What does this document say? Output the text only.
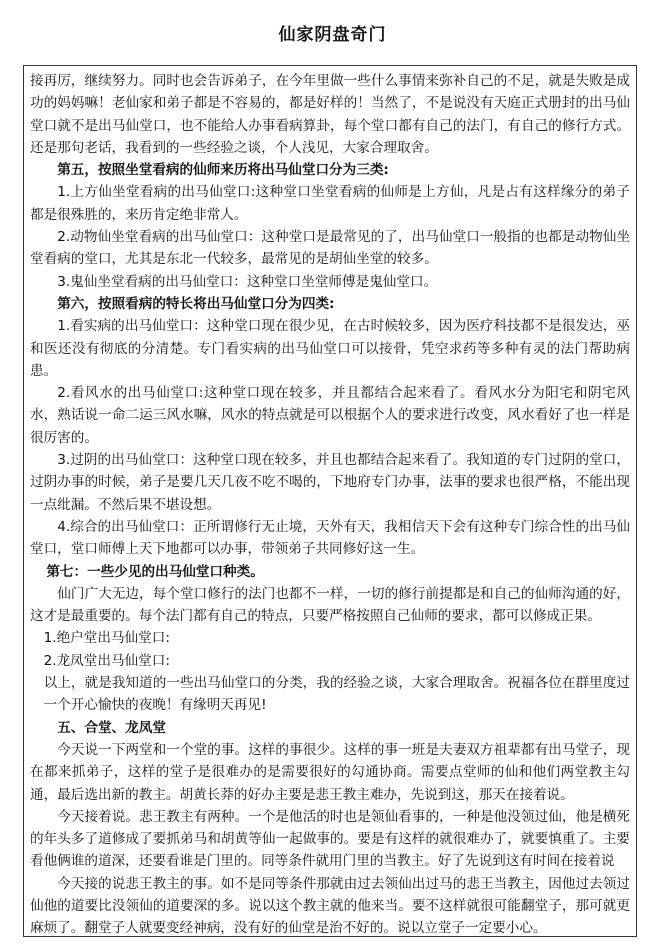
仙家阴盘奇门

接再厉，继续努力。同时也会告诉弟子，在今年里做一些什么事情来弥补自己的不足，就是失败是成功的妈妈嘛！老仙家和弟子都是不容易的，都是好样的！当然了，不是说没有天庭正式册封的出马仙堂口就不是出马仙堂口，也不能给人办事看病算卦，每个堂口都有自己的法门，有自己的修行方式。还是那句老话，我看到的一些经验之谈，个人浅见，大家合理取舍。

第五，按照坐堂看病的仙师来历将出马仙堂口分为三类:

1.上方仙坐堂看病的出马仙堂口:这种堂口坐堂看病的仙师是上方仙，凡是占有这样缘分的弟子都是很殊胜的，来历肯定绝非常人。

2.动物仙坐堂看病的出马仙堂口：这种堂口是最常见的了，出马仙堂口一般指的也都是动物仙坐堂看病的堂口，尤其是东北一代较多，最常见的是胡仙坐堂的较多。

3.鬼仙坐堂看病的出马仙堂口：这种堂口坐堂师傅是鬼仙堂口。

第六，按照看病的特长将出马仙堂口分为四类:

1.看实病的出马仙堂口：这种堂口现在很少见，在古时候较多，因为医疗科技都不是很发达，巫和医还没有彻底的分清楚。专门看实病的出马仙堂口可以接骨，凭空求药等多种有灵的法门帮助病患。

2.看风水的出马仙堂口:这种堂口现在较多，并且都结合起来看了。看风水分为阳宅和阴宅风水，熟话说一命二运三风水嘛，风水的特点就是可以根据个人的要求进行改变，风水看好了也一样是很厉害的。

3.过阴的出马仙堂口：这种堂口现在较多，并且也都结合起来看了。我知道的专门过阴的堂口，过阴办事的时候，弟子是要几天几夜不吃不喝的，下地府专门办事，法事的要求也很严格，不能出现一点纰漏。不然后果不堪设想。

4.综合的出马仙堂口：正所谓修行无止境，天外有天，我相信天下会有这种专门综合性的出马仙堂口，堂口师傅上天下地都可以办事，带领弟子共同修好这一生。

第七：一些少见的出马仙堂口种类。

仙门广大无边，每个堂口修行的法门也都不一样，一切的修行前提都是和自己的仙师沟通的好，这才是最重要的。每个法门都有自己的特点，只要严格按照自己仙师的要求，都可以修成正果。

1.绝户堂出马仙堂口:

2.龙凤堂出马仙堂口:

以上，就是我知道的一些出马仙堂口的分类，我的经验之谈，大家合理取舍。祝福各位在群里度过一个开心愉快的夜晚！有缘明天再见!

五、合堂、龙凤堂

今天说一下两堂和一个堂的事。这样的事很少。这样的事一班是夫妻双方祖辈都有出马堂子，现在都来抓弟子，这样的堂子是很难办的是需要很好的勾通协商。需要点堂师的仙和他们两堂教主勾通，最后选出新的教主。胡黄长莽的好办主要是悲王教主难办，先说到这，那天在接着说。

今天接着说。悲王教主有两种。一个是他活的时也是领仙看事的，一种是他没领过仙，他是横死的年头多了道修成了要抓弟马和胡黄等仙一起做事的。要是有这样的就很难办了，就要慎重了。主要看他俩谁的道深，还要看谁是门里的。同等条件就用门里的当教主。好了先说到这有时间在接着说

今天接的说悲王教主的事。如不是同等条件那就由过去领仙出过马的悲王当教主，因他过去领过仙他的道要比没领仙的道要深的多。说以这个教主就的他来当。要不这样就很可能翻堂子，那可就更麻烦了。翻堂子人就要变经神病，没有好的仙堂是治不好的。说以立堂子一定要小心。
